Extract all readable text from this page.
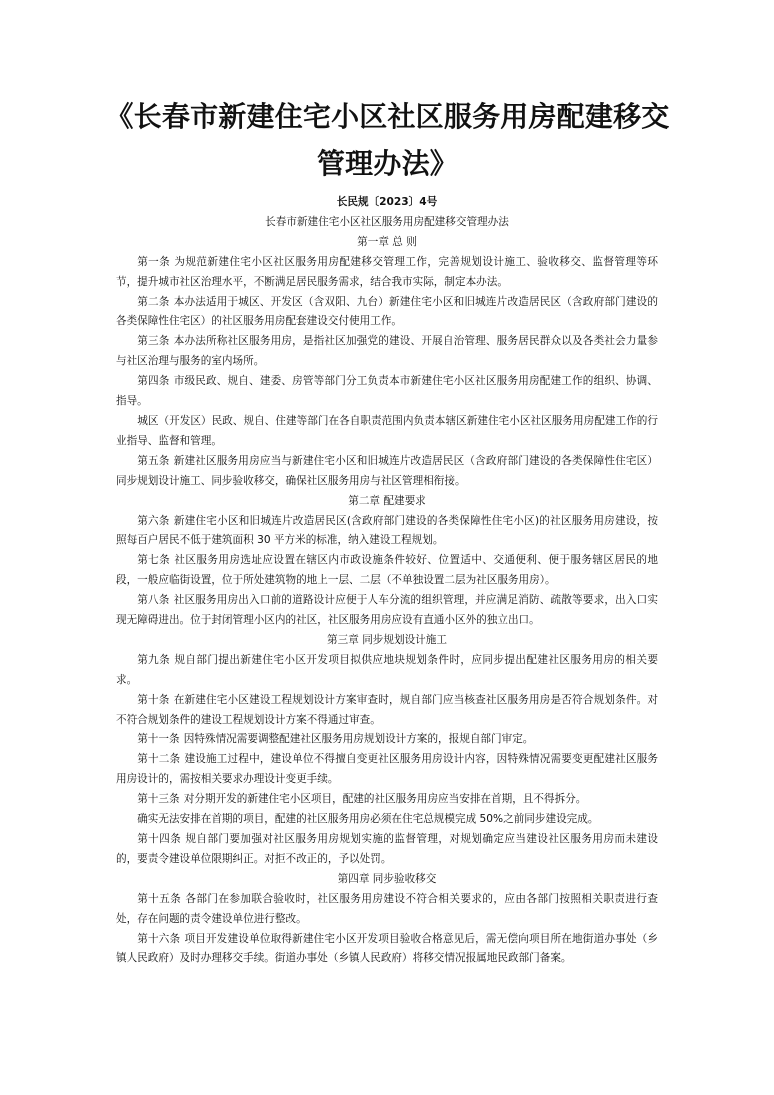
《长春市新建住宅小区社区服务用房配建移交管理办法》

长民规〔2023〕4号

长春市新建住宅小区社区服务用房配建移交管理办法

第一章 总 则

第一条 为规范新建住宅小区社区服务用房配建移交管理工作，完善规划设计施工、验收移交、监督管理等环节，提升城市社区治理水平，不断满足居民服务需求，结合我市实际，制定本办法。

第二条 本办法适用于城区、开发区（含双阳、九台）新建住宅小区和旧城连片改造居民区（含政府部门建设的各类保障性住宅区）的社区服务用房配套建设交付使用工作。

第三条 本办法所称社区服务用房，是指社区加强党的建设、开展自治管理、服务居民群众以及各类社会力量参与社区治理与服务的室内场所。

第四条 市级民政、规自、建委、房管等部门分工负责本市新建住宅小区社区服务用房配建工作的组织、协调、指导。

城区（开发区）民政、规自、住建等部门在各自职责范围内负责本辖区新建住宅小区社区服务用房配建工作的行业指导、监督和管理。

第五条 新建社区服务用房应当与新建住宅小区和旧城连片改造居民区（含政府部门建设的各类保障性住宅区）同步规划设计施工、同步验收移交，确保社区服务用房与社区管理相衔接。

第二章 配建要求

第六条 新建住宅小区和旧城连片改造居民区(含政府部门建设的各类保障性住宅小区)的社区服务用房建设，按照每百户居民不低于建筑面积 30 平方米的标准，纳入建设工程规划。

第七条 社区服务用房选址应设置在辖区内市政设施条件较好、位置适中、交通便利、便于服务辖区居民的地段，一般应临街设置，位于所处建筑物的地上一层、二层（不单独设置二层为社区服务用房）。

第八条 社区服务用房出入口前的道路设计应便于人车分流的组织管理，并应满足消防、疏散等要求，出入口实现无障碍进出。位于封闭管理小区内的社区，社区服务用房应设有直通小区外的独立出口。

第三章 同步规划设计施工

第九条 规自部门提出新建住宅小区开发项目拟供应地块规划条件时，应同步提出配建社区服务用房的相关要求。

第十条 在新建住宅小区建设工程规划设计方案审查时，规自部门应当核查社区服务用房是否符合规划条件。对不符合规划条件的建设工程规划设计方案不得通过审查。

第十一条 因特殊情况需要调整配建社区服务用房规划设计方案的，报规自部门审定。

第十二条 建设施工过程中，建设单位不得擅自变更社区服务用房设计内容，因特殊情况需要变更配建社区服务用房设计的，需按相关要求办理设计变更手续。

第十三条 对分期开发的新建住宅小区项目，配建的社区服务用房应当安排在首期，且不得拆分。

确实无法安排在首期的项目，配建的社区服务用房必须在住宅总规模完成 50%之前同步建设完成。

第十四条 规自部门要加强对社区服务用房规划实施的监督管理，对规划确定应当建设社区服务用房而未建设的，要责令建设单位限期纠正。对拒不改正的，予以处罚。

第四章 同步验收移交

第十五条 各部门在参加联合验收时，社区服务用房建设不符合相关要求的，应由各部门按照相关职责进行查处，存在问题的责令建设单位进行整改。

第十六条 项目开发建设单位取得新建住宅小区开发项目验收合格意见后，需无偿向项目所在地街道办事处（乡镇人民政府）及时办理移交手续。街道办事处（乡镇人民政府）将移交情况报属地民政部门备案。
